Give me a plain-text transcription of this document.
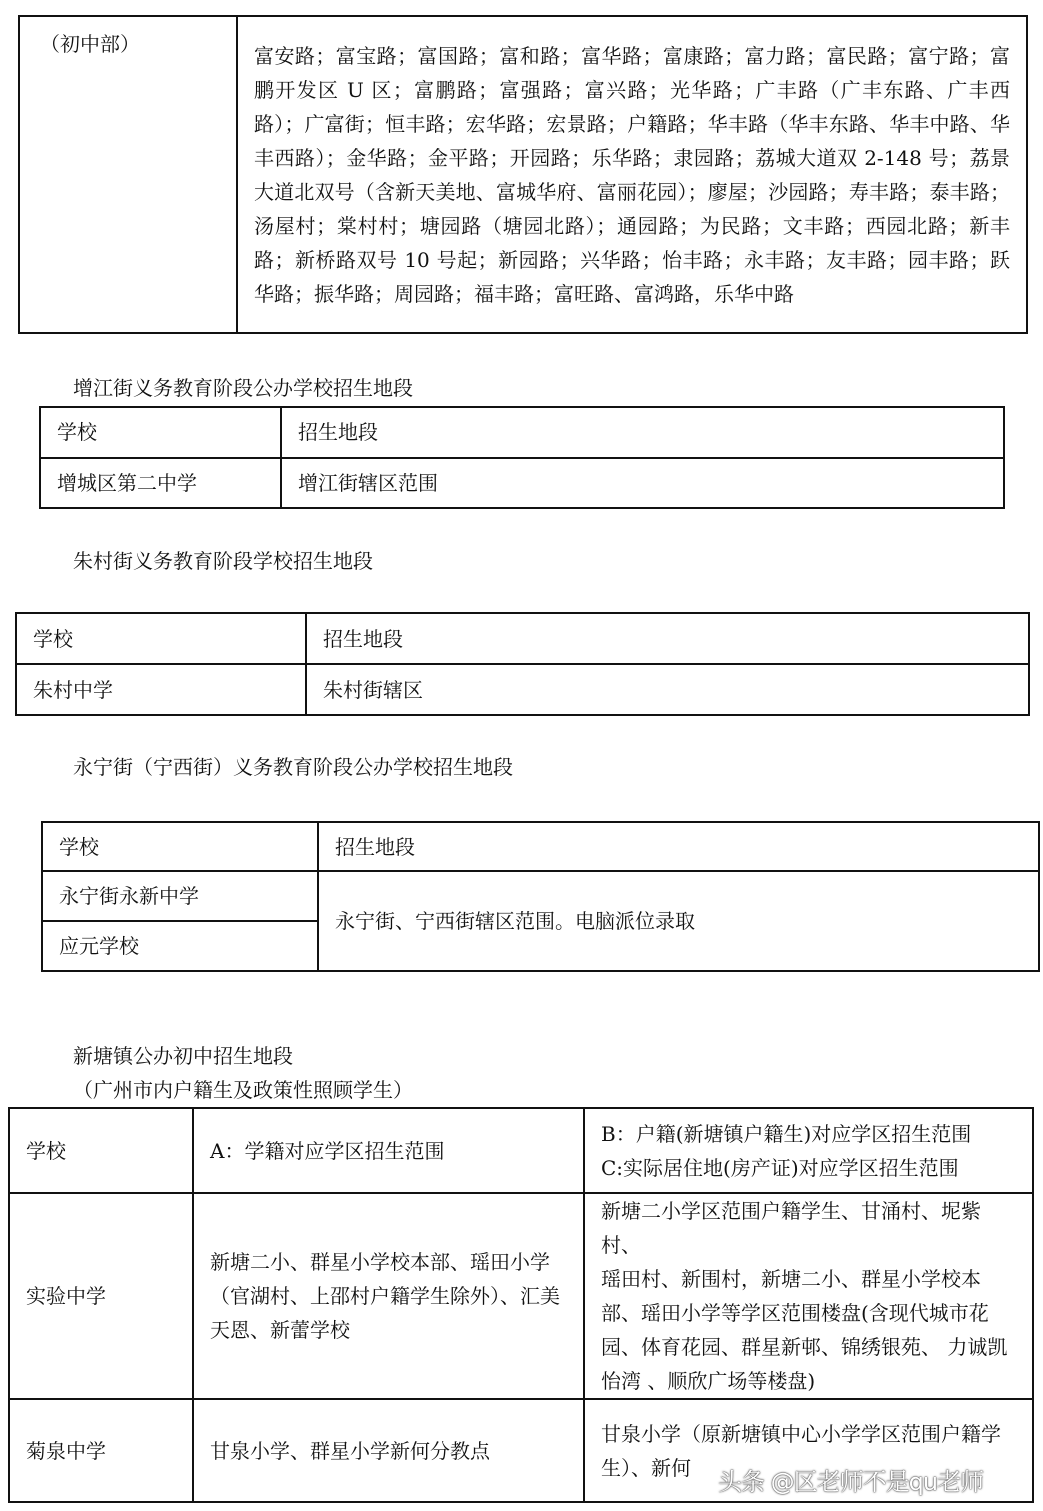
（初中部）	富安路；富宝路；富国路；富和路；富华路；富康路；富力路；富民路；富宁路；富鹏开发区 U 区；富鹏路；富强路；富兴路；光华路；广丰路（广丰东路、广丰西路）；广富街；恒丰路；宏华路；宏景路；户籍路；华丰路（华丰东路、华丰中路、华丰西路）；金华路；金平路；开园路；乐华路；隶园路；荔城大道双 2-148 号；荔景大道北双号（含新天美地、富城华府、富丽花园）；廖屋；沙园路；寿丰路；泰丰路；汤屋村；棠村村；塘园路（塘园北路）；通园路；为民路；文丰路；西园北路；新丰路；新桥路双号 10 号起；新园路；兴华路；怡丰路；永丰路；友丰路；园丰路；跃华路；振华路；周园路；福丰路；富旺路、富鸿路，乐华中路
增江街义务教育阶段公办学校招生地段
学校	招生地段
增城区第二中学	增江街辖区范围
朱村街义务教育阶段学校招生地段
学校	招生地段
朱村中学	朱村街辖区
永宁街（宁西街）义务教育阶段公办学校招生地段
学校	招生地段
永宁街永新中学	永宁街、宁西街辖区范围。电脑派位录取
应元学校	
新塘镇公办初中招生地段
（广州市内户籍生及政策性照顾学生）
学校	A：学籍对应学区招生范围	B：户籍(新塘镇户籍生)对应学区招生范围
C:实际居住地(房产证)对应学区招生范围

实验中学	新塘二小、群星小学校本部、瑶田小学（官湖村、上邵村户籍学生除外）、汇美天恩、新蕾学校	新塘二小学区范围户籍学生、甘涌村、坭紫村、
瑶田村、新围村，新塘二小、群星小学校本部、瑶田小学等学区范围楼盘(含现代城市花园、体育花园、群星新邨、锦绣银苑、 力诚凯怡湾 、顺欣广场等楼盘)

菊泉中学	甘泉小学、群星小学新何分教点	甘泉小学（原新塘镇中心小学学区范围户籍学生）、新何
头条 @区老师不是qu老师
